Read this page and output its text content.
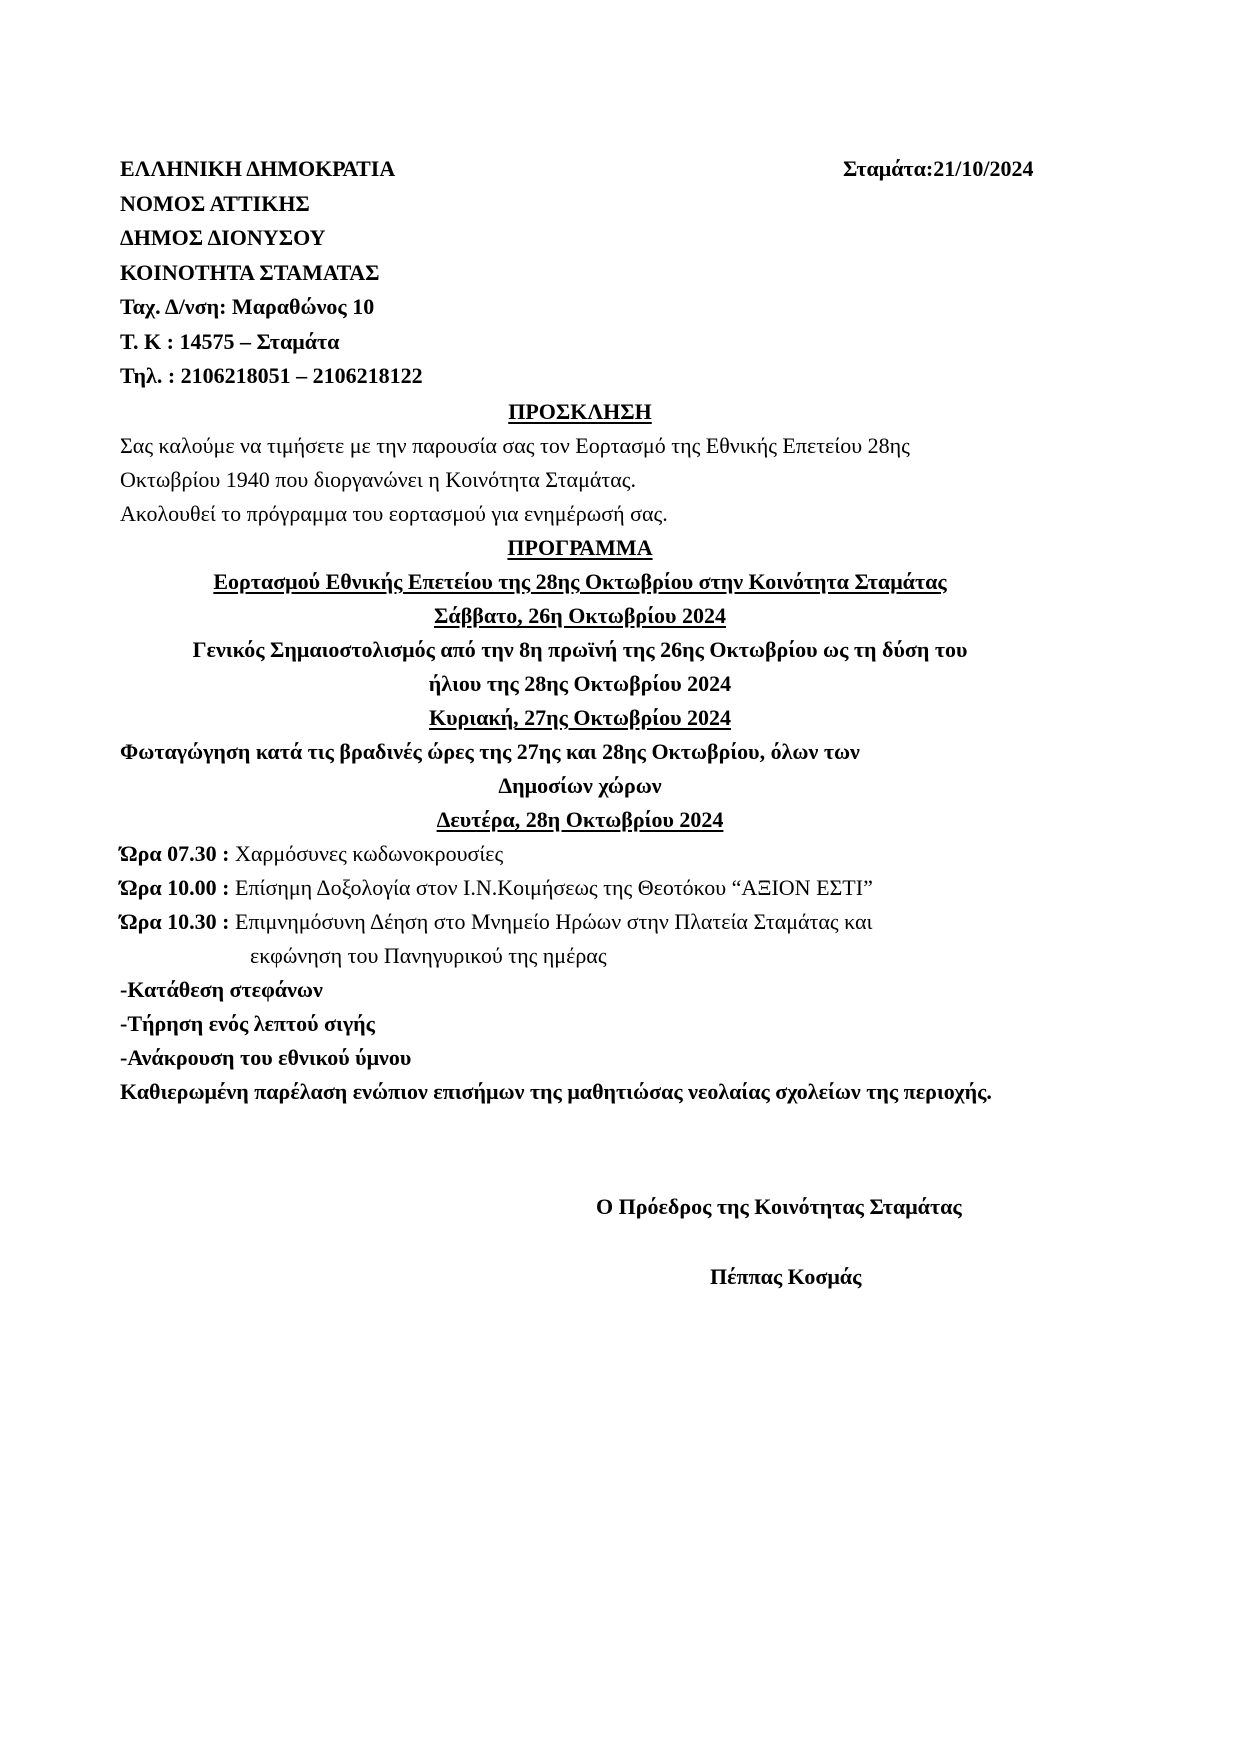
ΕΛΛΗΝΙΚΗ ΔΗΜΟΚΡΑΤΙΑ
ΝΟΜΟΣ ΑΤΤΙΚΗΣ
ΔΗΜΟΣ ΔΙΟΝΥΣΟΥ
ΚΟΙΝΟΤΗΤΑ ΣΤΑΜΑΤΑΣ
Ταχ. Δ/νση: Μαραθώνος 10
Τ. Κ : 14575 – Σταμάτα
Τηλ. : 2106218051 – 2106218122
Σταμάτα:21/10/2024
ΠΡΟΣΚΛΗΣΗ
Σας καλούμε να τιμήσετε με την παρουσία σας τον Εορτασμό της Εθνικής Επετείου 28ης
Οκτωβρίου 1940 που διοργανώνει η Κοινότητα Σταμάτας.
Ακολουθεί το πρόγραμμα του εορτασμού για ενημέρωσή σας.
ΠΡΟΓΡΑΜΜΑ
Εορτασμού Εθνικής Επετείου της 28ης Οκτωβρίου στην Κοινότητα Σταμάτας
Σάββατο, 26η Οκτωβρίου 2024
Γενικός Σημαιοστολισμός από την 8η πρωϊνή της 26ης Οκτωβρίου ως τη δύση του
ήλιου της 28ης Οκτωβρίου 2024
Κυριακή, 27ης Οκτωβρίου 2024
Φωταγώγηση κατά τις βραδινές ώρες της 27ης και 28ης Οκτωβρίου, όλων των
Δημοσίων χώρων
Δευτέρα, 28η Οκτωβρίου 2024
Ώρα 07.30 : Χαρμόσυνες κωδωνοκρουσίες
Ώρα 10.00 : Επίσημη Δοξολογία στον Ι.Ν.Κοιμήσεως της Θεοτόκου “ΑΞΙΟΝ ΕΣΤΙ”
Ώρα 10.30 : Επιμνημόσυνη Δέηση στο Μνημείο Ηρώων στην Πλατεία Σταμάτας και
εκφώνηση του Πανηγυρικού της ημέρας
-Κατάθεση στεφάνων
-Τήρηση ενός λεπτού σιγής
-Ανάκρουση του εθνικού ύμνου
Καθιερωμένη παρέλαση ενώπιον επισήμων της μαθητιώσας νεολαίας σχολείων της περιοχής.
Ο Πρόεδρος της Κοινότητας Σταμάτας
Πέππας Κοσμάς
